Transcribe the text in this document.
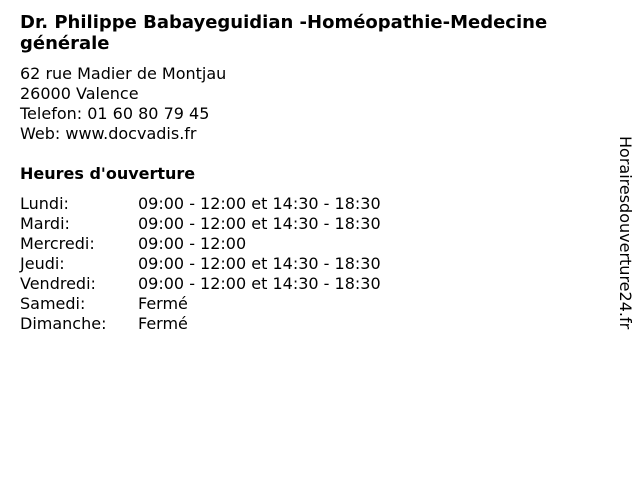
Dr. Philippe Babayeguidian -Homéopathie-Medecine générale
62 rue Madier de Montjau
26000 Valence
Telefon: 01 60 80 79 45
Web: www.docvadis.fr
Heures d'ouverture
Lundi:	09:00 - 12:00 et 14:30 - 18:30
Mardi:	09:00 - 12:00 et 14:30 - 18:30
Mercredi:	09:00 - 12:00
Jeudi:	09:00 - 12:00 et 14:30 - 18:30
Vendredi:	09:00 - 12:00 et 14:30 - 18:30
Samedi:	Fermé
Dimanche:	Fermé	Horairesdouverture24.fr
